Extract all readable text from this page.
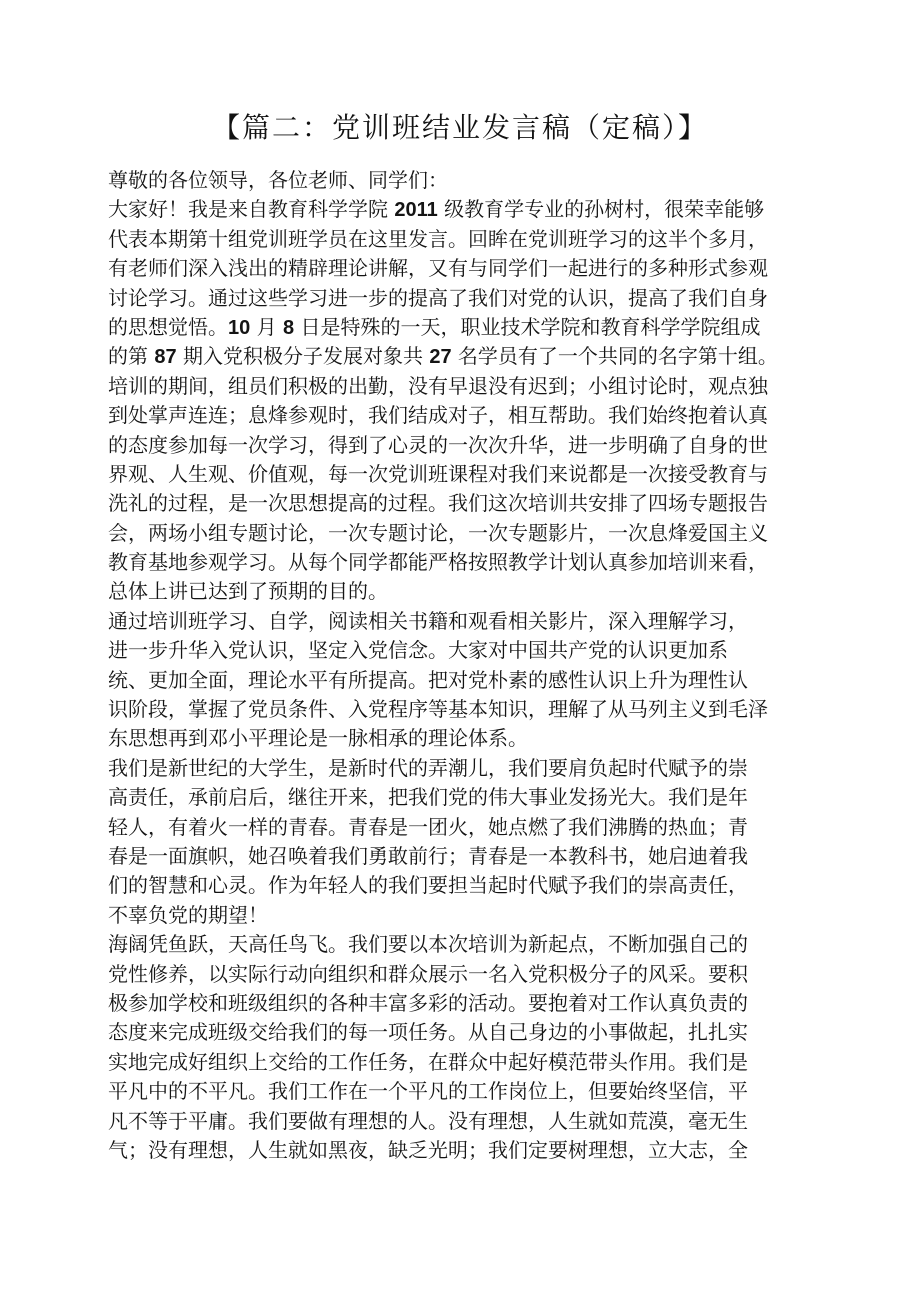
【篇二：党训班结业发言稿（定稿）】
尊敬的各位领导，各位老师、同学们：
大家好！我是来自教育科学学院 2011 级教育学专业的孙树村，很荣幸能够
代表本期第十组党训班学员在这里发言。回眸在党训班学习的这半个多月，
有老师们深入浅出的精辟理论讲解，又有与同学们一起进行的多种形式参观
讨论学习。通过这些学习进一步的提高了我们对党的认识，提高了我们自身
的思想觉悟。10 月 8 日是特殊的一天，职业技术学院和教育科学学院组成
的第 87 期入党积极分子发展对象共 27 名学员有了一个共同的名字第十组。
培训的期间，组员们积极的出勤，没有早退没有迟到；小组讨论时，观点独
到处掌声连连；息烽参观时，我们结成对子，相互帮助。我们始终抱着认真
的态度参加每一次学习，得到了心灵的一次次升华，进一步明确了自身的世
界观、人生观、价值观，每一次党训班课程对我们来说都是一次接受教育与
洗礼的过程，是一次思想提高的过程。我们这次培训共安排了四场专题报告
会，两场小组专题讨论，一次专题讨论，一次专题影片，一次息烽爱国主义
教育基地参观学习。从每个同学都能严格按照教学计划认真参加培训来看，
总体上讲已达到了预期的目的。
通过培训班学习、自学，阅读相关书籍和观看相关影片，深入理解学习，
进一步升华入党认识，坚定入党信念。大家对中国共产党的认识更加系
统、更加全面，理论水平有所提高。把对党朴素的感性认识上升为理性认
识阶段，掌握了党员条件、入党程序等基本知识，理解了从马列主义到毛泽
东思想再到邓小平理论是一脉相承的理论体系。
我们是新世纪的大学生，是新时代的弄潮儿，我们要肩负起时代赋予的崇
高责任，承前启后，继往开来，把我们党的伟大事业发扬光大。我们是年
轻人，有着火一样的青春。青春是一团火，她点燃了我们沸腾的热血；青
春是一面旗帜，她召唤着我们勇敢前行；青春是一本教科书，她启迪着我
们的智慧和心灵。作为年轻人的我们要担当起时代赋予我们的崇高责任，
不辜负党的期望！
海阔凭鱼跃，天高任鸟飞。我们要以本次培训为新起点，不断加强自己的
党性修养，以实际行动向组织和群众展示一名入党积极分子的风采。要积
极参加学校和班级组织的各种丰富多彩的活动。要抱着对工作认真负责的
态度来完成班级交给我们的每一项任务。从自己身边的小事做起，扎扎实
实地完成好组织上交给的工作任务，在群众中起好模范带头作用。我们是
平凡中的不平凡。我们工作在一个平凡的工作岗位上，但要始终坚信，平
凡不等于平庸。我们要做有理想的人。没有理想，人生就如荒漠，毫无生
气；没有理想，人生就如黑夜，缺乏光明；我们定要树理想，立大志，全
